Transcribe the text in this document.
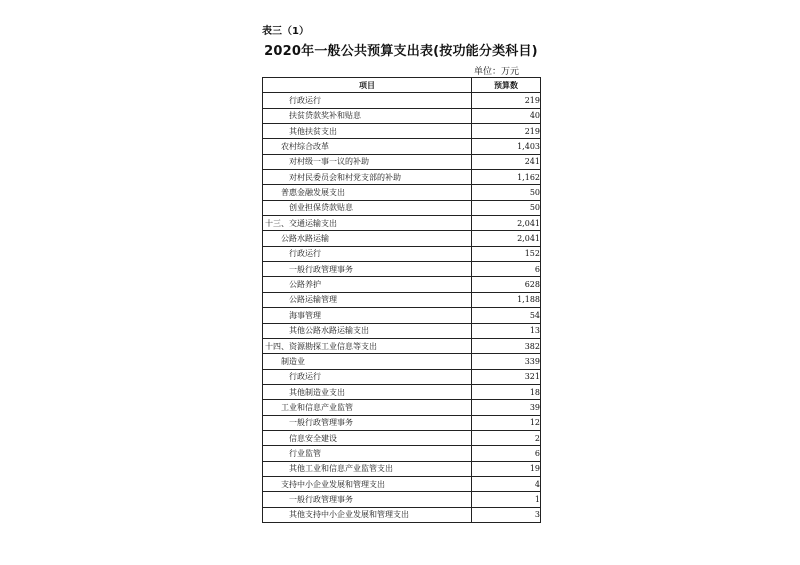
表三（1）
2020年一般公共预算支出表(按功能分类科目)
单位：万元
项目	预算数
行政运行	219
扶贫贷款奖补和贴息	40
其他扶贫支出	219
农村综合改革	1,403
对村级一事一议的补助	241
对村民委员会和村党支部的补助	1,162
普惠金融发展支出	50
创业担保贷款贴息	50
十三、交通运输支出	2,041
公路水路运输	2,041
行政运行	152
一般行政管理事务	6
公路养护	628
公路运输管理	1,188
海事管理	54
其他公路水路运输支出	13
十四、资源勘探工业信息等支出	382
制造业	339
行政运行	321
其他制造业支出	18
工业和信息产业监管	39
一般行政管理事务	12
信息安全建设	2
行业监管	6
其他工业和信息产业监管支出	19
支持中小企业发展和管理支出	4
一般行政管理事务	1
其他支持中小企业发展和管理支出	3
